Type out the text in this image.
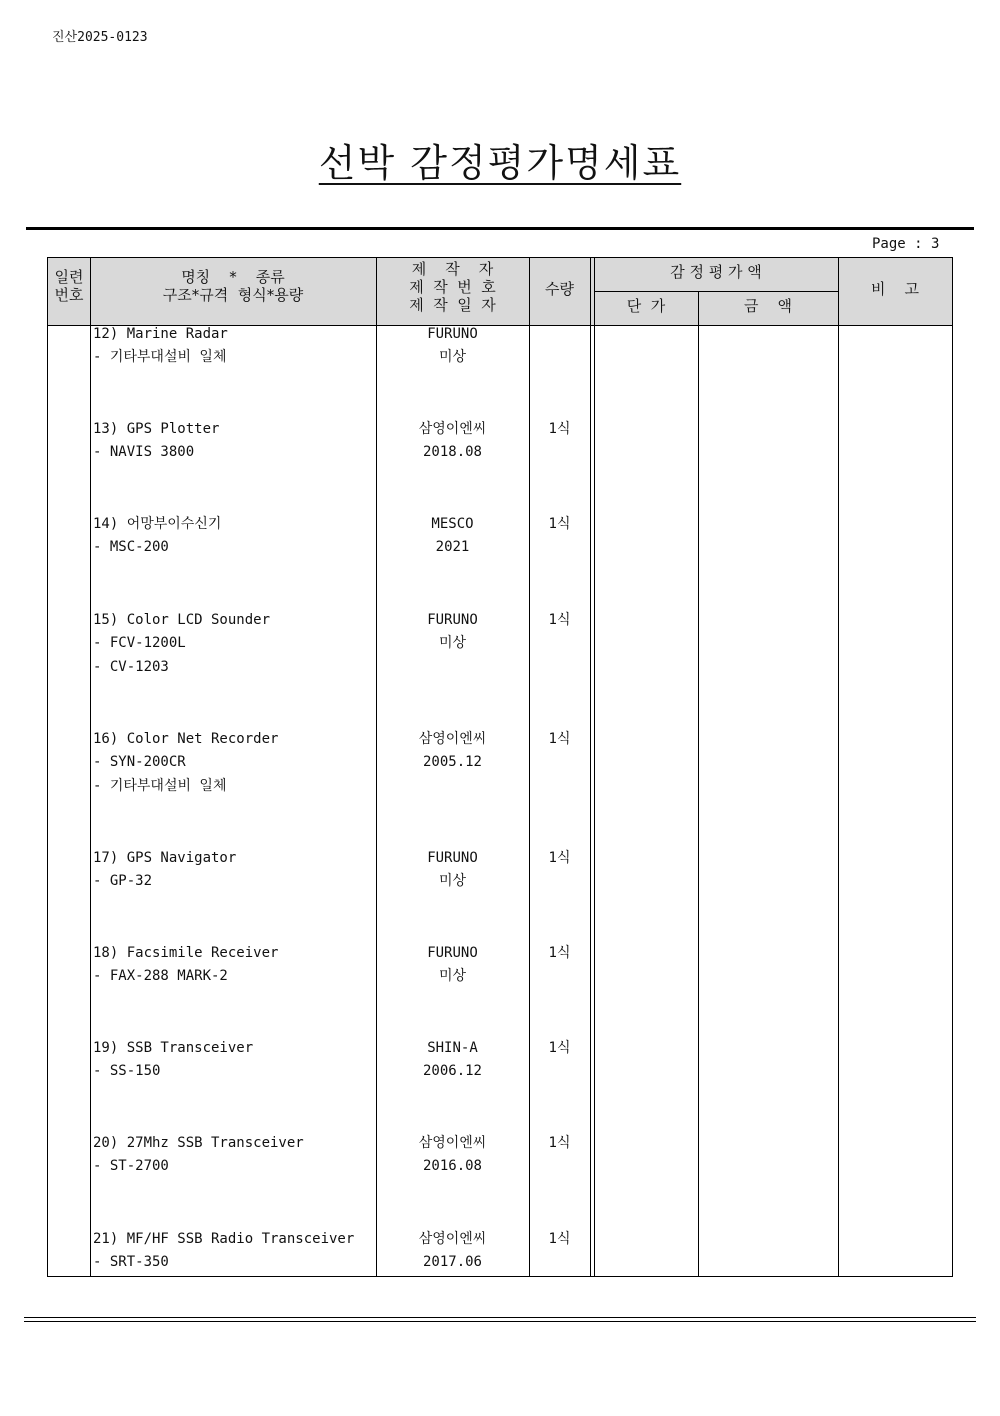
진산2025-0123
선박 감정평가명세표
Page : 3
일련
번호
명칭    *    종류
구조*규격  형식*용량
제    작    자
제  작  번  호
제  작  일  자
수량
감 정 평 가 액
단  가	금    액
비    고
12) Marine Radar
- 기타부대설비 일체
FURUNO
미상
13) GPS Plotter
- NAVIS 3800
삼영이엔씨
2018.08
1식
14) 어망부이수신기
- MSC-200
MESCO
2021
1식
15) Color LCD Sounder
- FCV-1200L
- CV-1203
FURUNO
미상
1식
16) Color Net Recorder
- SYN-200CR
- 기타부대설비 일체
삼영이엔씨
2005.12
1식
17) GPS Navigator
- GP-32
FURUNO
미상
1식
18) Facsimile Receiver
- FAX-288 MARK-2
FURUNO
미상
1식
19) SSB Transceiver
- SS-150
SHIN-A
2006.12
1식
20) 27Mhz SSB Transceiver
- ST-2700
삼영이엔씨
2016.08
1식
21) MF/HF SSB Radio Transceiver
- SRT-350
삼영이엔씨
2017.06
1식
